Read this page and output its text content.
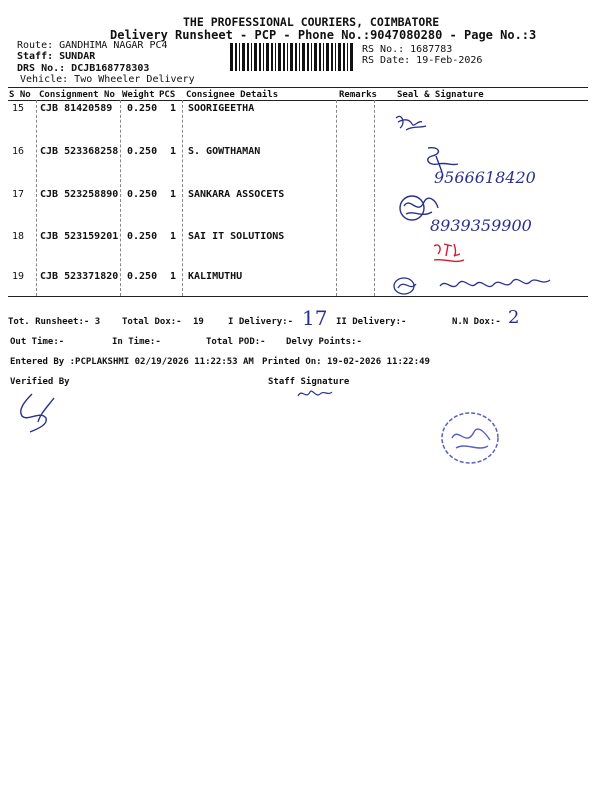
THE PROFESSIONAL COURIERS, COIMBATORE
Delivery Runsheet - PCP - Phone No.:9047080280 - Page No.:3
Route: GANDHIMA NAGAR PC4
Staff: SUNDAR
DRS No.: DCJB168778303
Vehicle: Two Wheeler Delivery
RS No.: 1687783
RS Date: 19-Feb-2026
S No Consignment No Weight PCS Consignee Details	Remarks Seal & Signature
15 CJB 81420589 0.250 1 SOORIGEETHA
16 CJB 523368258 0.250 1 S. GOWTHAMAN
17 CJB 523258890 0.250 1 SANKARA ASSOCETS
18 CJB 523159201 0.250 1 SAI IT SOLUTIONS
19 CJB 523371820 0.250 1 KALIMUTHU
9566618420
8939359900
Tot. Runsheet:- 3 Total Dox:- 19	I Delivery:- 17 II Delivery:-	N.N Dox:- 2
Out Time:-	In Time:-	Total POD:- Delvy Points:-
Entered By :PCPLAKSHMI 02/19/2026 11:22:53 AM Printed On: 19-02-2026 11:22:49
Verified By	Staff Signature
